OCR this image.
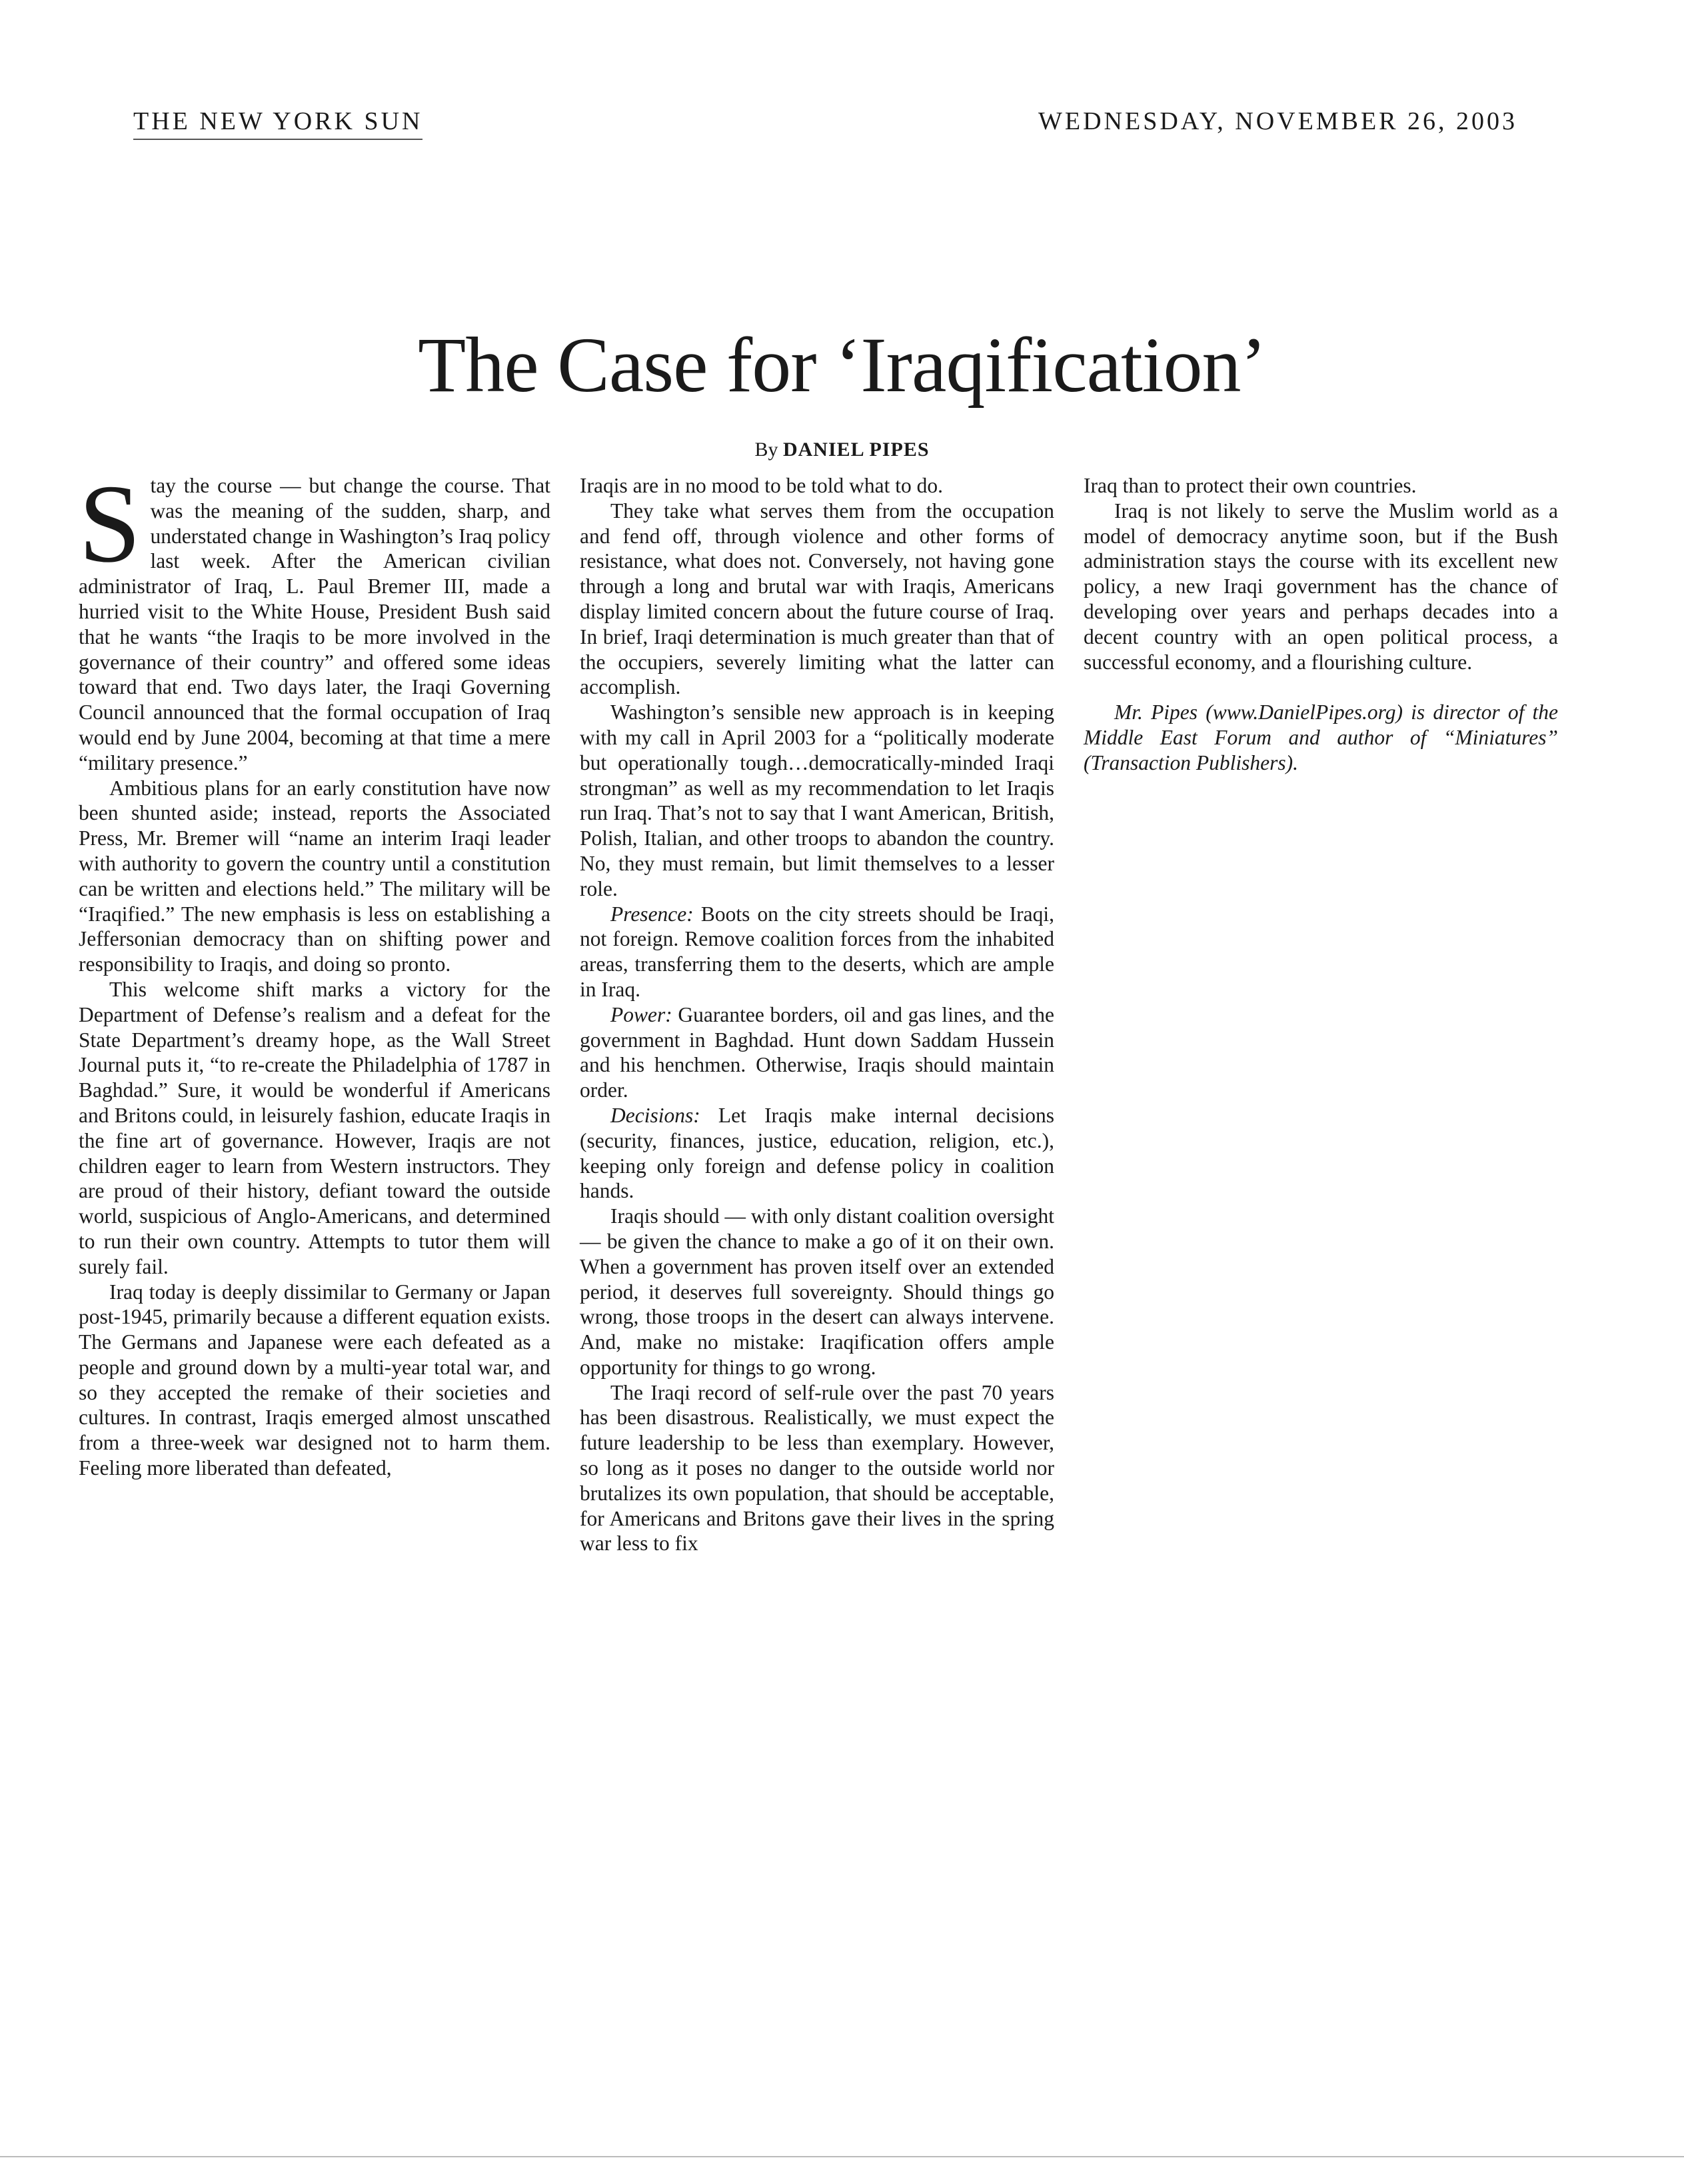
THE NEW YORK SUN	WEDNESDAY, NOVEMBER 26, 2003
The Case for ‘Iraqification’
By DANIEL PIPES

Stay the course — but change the course. That was the meaning of the sudden, sharp, and understated change in Washington’s Iraq policy last week. After the American civilian administrator of Iraq, L. Paul Bremer III, made a hurried visit to the White House, President Bush said that he wants “the Iraqis to be more involved in the governance of their country” and offered some ideas toward that end. Two days later, the Iraqi Governing Council announced that the formal occupation of Iraq would end by June 2004, becoming at that time a mere “military presence.”

Ambitious plans for an early constitution have now been shunted aside; instead, reports the Associated Press, Mr. Bremer will “name an interim Iraqi leader with authority to govern the country until a constitution can be written and elections held.” The military will be “Iraqified.” The new emphasis is less on establishing a Jeffersonian democracy than on shifting power and responsibility to Iraqis, and doing so pronto.

This welcome shift marks a victory for the Department of Defense’s realism and a defeat for the State Department’s dreamy hope, as the Wall Street Journal puts it, “to re-create the Philadelphia of 1787 in Baghdad.” Sure, it would be wonderful if Americans and Britons could, in leisurely fashion, educate Iraqis in the fine art of governance. However, Iraqis are not children eager to learn from Western instructors. They are proud of their history, defiant toward the outside world, suspicious of Anglo-Americans, and determined to run their own country. Attempts to tutor them will surely fail.

Iraq today is deeply dissimilar to Germany or Japan post-1945, primarily because a different equation exists. The Germans and Japanese were each defeated as a people and ground down by a multi-year total war, and so they accepted the remake of their societies and cultures. In contrast, Iraqis emerged almost unscathed from a three-week war designed not to harm them. Feeling more liberated than defeated,

Iraqis are in no mood to be told what to do.

They take what serves them from the occupation and fend off, through violence and other forms of resistance, what does not. Conversely, not having gone through a long and brutal war with Iraqis, Americans display limited concern about the future course of Iraq. In brief, Iraqi determination is much greater than that of the occupiers, severely limiting what the latter can accomplish.

Washington’s sensible new approach is in keeping with my call in April 2003 for a “politically moderate but operationally tough…democratically-minded Iraqi strongman” as well as my recommendation to let Iraqis run Iraq. That’s not to say that I want American, British, Polish, Italian, and other troops to abandon the country. No, they must remain, but limit themselves to a lesser role.

Presence: Boots on the city streets should be Iraqi, not foreign. Remove coalition forces from the inhabited areas, transferring them to the deserts, which are ample in Iraq.

Power: Guarantee borders, oil and gas lines, and the government in Baghdad. Hunt down Saddam Hussein and his henchmen. Otherwise, Iraqis should maintain order.

Decisions: Let Iraqis make internal decisions (security, finances, justice, education, religion, etc.), keeping only foreign and defense policy in coalition hands.

Iraqis should — with only distant coalition oversight — be given the chance to make a go of it on their own. When a government has proven itself over an extended period, it deserves full sovereignty. Should things go wrong, those troops in the desert can always intervene. And, make no mistake: Iraqification offers ample opportunity for things to go wrong.

The Iraqi record of self-rule over the past 70 years has been disastrous. Realistically, we must expect the future leadership to be less than exemplary. However, so long as it poses no danger to the outside world nor brutalizes its own population, that should be acceptable, for Americans and Britons gave their lives in the spring war less to fix

Iraq than to protect their own countries.

Iraq is not likely to serve the Muslim world as a model of democracy anytime soon, but if the Bush administration stays the course with its excellent new policy, a new Iraqi government has the chance of developing over years and perhaps decades into a decent country with an open political process, a successful economy, and a flourishing culture.

Mr. Pipes (www.DanielPipes.org) is director of the Middle East Forum and author of “Miniatures” (Transaction Publishers).
